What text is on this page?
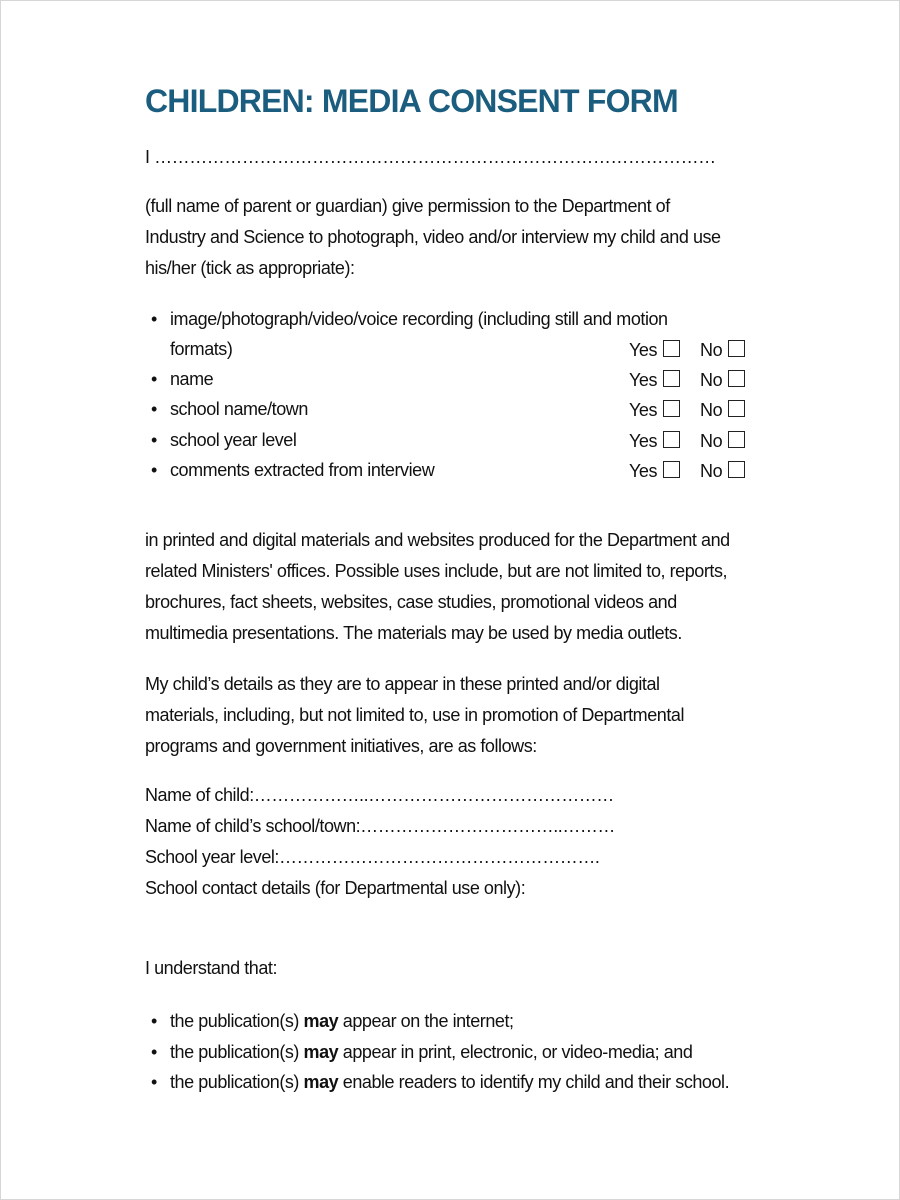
CHILDREN: MEDIA CONSENT FORM
I ……………………………………………………………………………………
(full name of parent or guardian) give permission to the Department of
Industry and Science to photograph, video and/or interview my child and use
his/her (tick as appropriate):
• image/photograph/video/voice recording (including still and motion
formats)	Yes No
• name	Yes No
• school name/town	Yes No
• school year level	Yes No
• comments extracted from interview	Yes No
in printed and digital materials and websites produced for the Department and
related Ministers' offices. Possible uses include, but are not limited to, reports,
brochures, fact sheets, websites, case studies, promotional videos and
multimedia presentations. The materials may be used by media outlets.
My child’s details as they are to appear in these printed and/or digital
materials, including, but not limited to, use in promotion of Departmental
programs and government initiatives, are as follows:
Name of child:………………..……………………………………
Name of child’s school/town:……………………………..………
School year level:……………………………………………….
School contact details (for Departmental use only):
I understand that:
• the publication(s) may appear on the internet;
• the publication(s) may appear in print, electronic, or video-media; and
• the publication(s) may enable readers to identify my child and their school.
